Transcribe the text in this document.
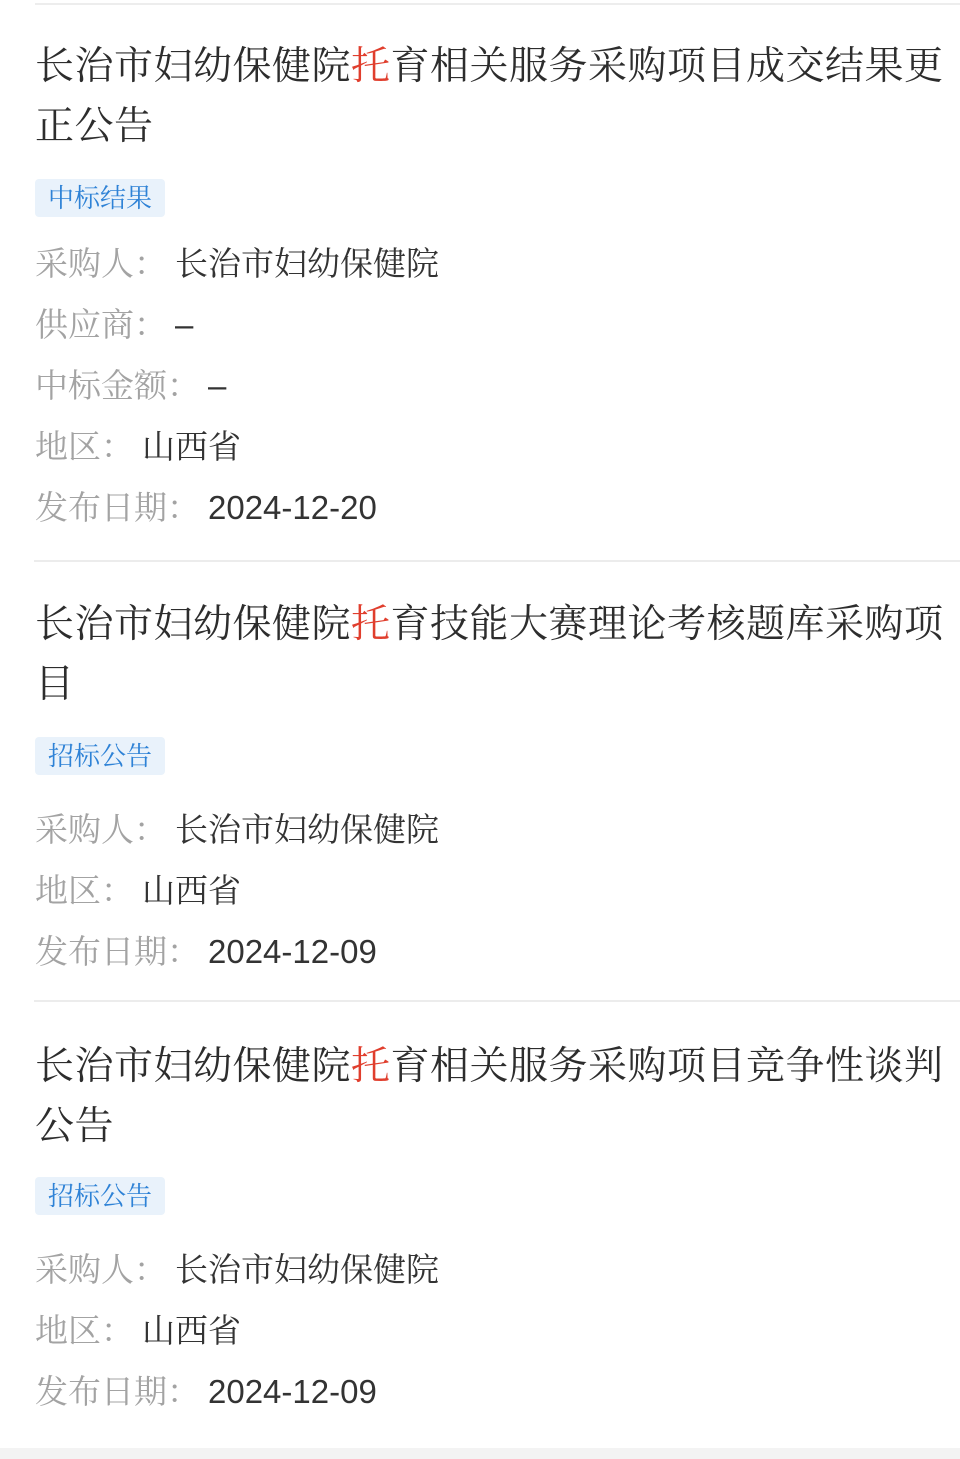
长治市妇幼保健院托育相关服务采购项目成交结果更正公告
中标结果
采购人： 长治市妇幼保健院
供应商： –
中标金额： –
地区： 山西省
发布日期： 2024-12-20
长治市妇幼保健院托育技能大赛理论考核题库采购项目
招标公告
采购人： 长治市妇幼保健院
地区： 山西省
发布日期： 2024-12-09
长治市妇幼保健院托育相关服务采购项目竞争性谈判公告
招标公告
采购人： 长治市妇幼保健院
地区： 山西省
发布日期： 2024-12-09
